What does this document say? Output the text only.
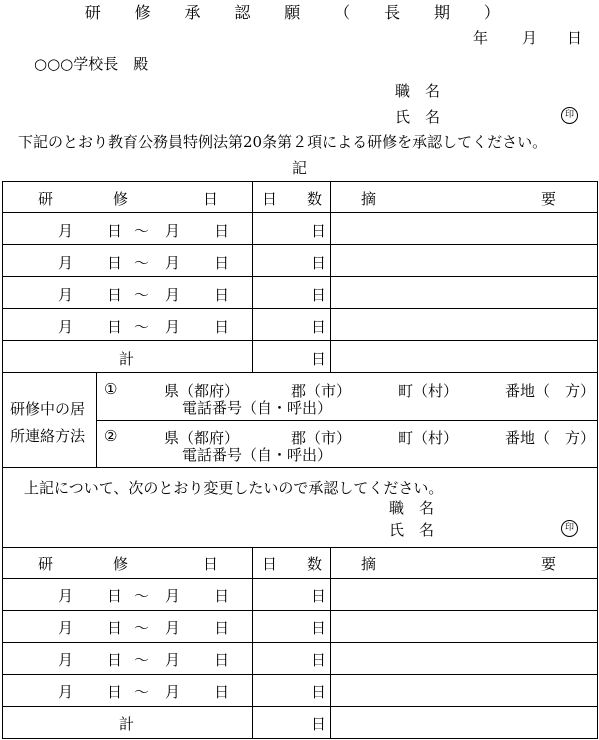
研 修 承 認 願 （ 長 期 ）
年 月 日
○○○学校長　殿
職　名
氏　名	印
下記のとおり教育公務員特例法第20条第２項による研修を承認してください。
記
研　　　　修　　　　　日	日　　数	摘　　　　　　　　　　　要
月 日 ～ 月 日	日
月 日 ～ 月 日	日
月 日 ～ 月 日	日
月 日 ～ 月 日	日
計	日
研修中の居
所連絡方法
①	県（都府）	郡（市）	町（村）	番地（　方）
電話番号（自・呼出）
②	県（都府）	郡（市）	町（村）	番地（　方）
電話番号（自・呼出）
上記について、次のとおり変更したいので承認してください。
職　名
氏　名	印
研　　　　修　　　　　日	日　　数	摘　　　　　　　　　　　要
月 日 ～ 月 日	日
月 日 ～ 月 日	日
月 日 ～ 月 日	日
月 日 ～ 月 日	日
計	日
